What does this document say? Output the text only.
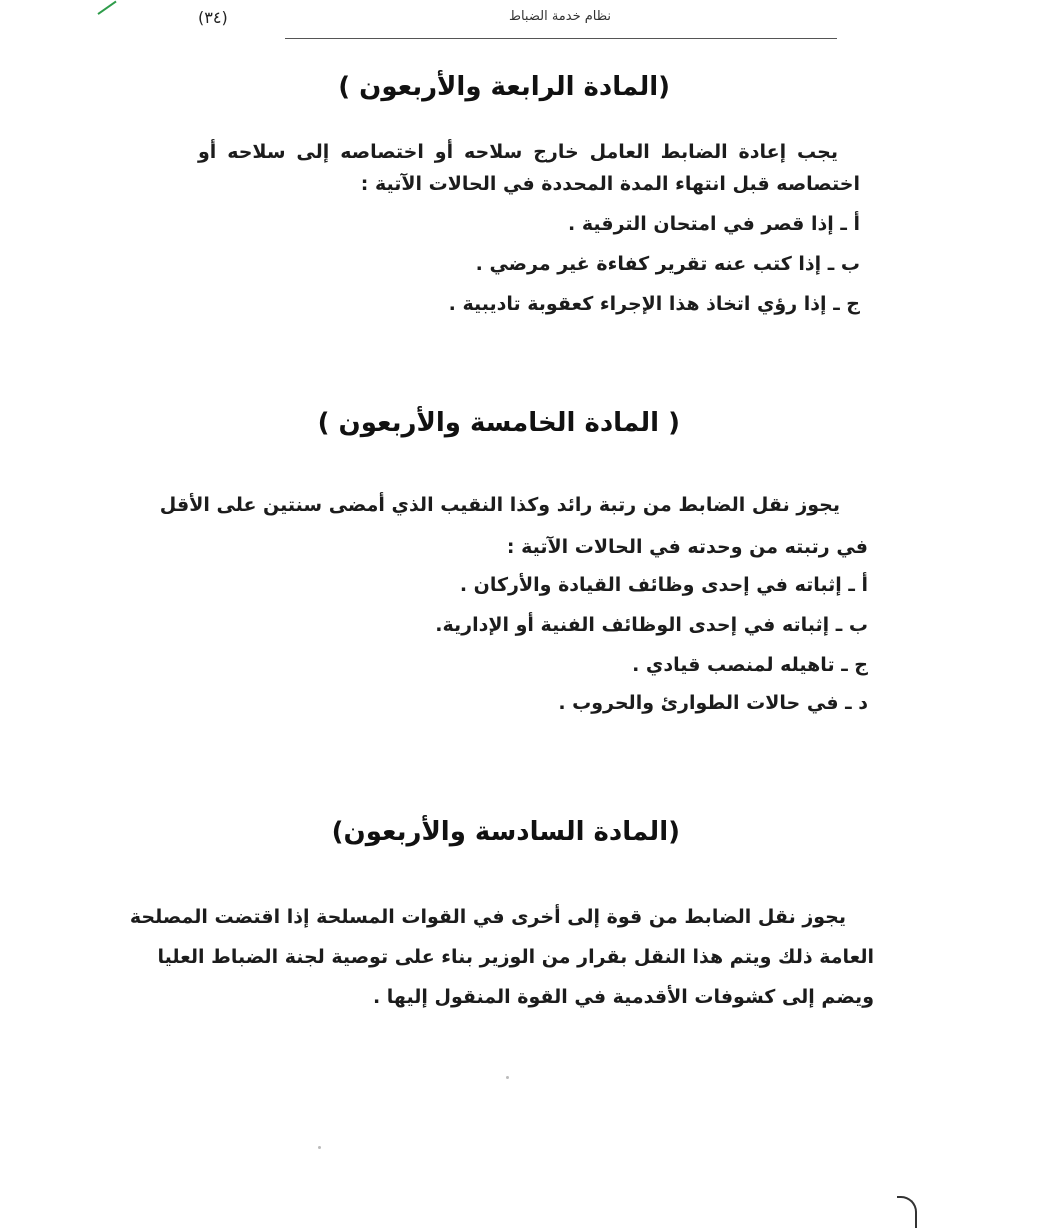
نظام خدمة الضباط
(٣٤)
(المادة الرابعة والأربعون )
يجب إعادة الضابط العامل خارج سلاحه أو اختصاصه إلى سلاحه أو
اختصاصه قبل انتهاء المدة المحددة في الحالات الآتية :
أ ـ إذا قصر في امتحان الترقية .
ب ـ إذا كتب عنه تقرير كفاءة غير مرضي .
ج ـ إذا رؤي اتخاذ هذا الإجراء كعقوبة تاديبية .
( المادة الخامسة والأربعون )
يجوز نقل الضابط من رتبة رائد وكذا النقيب الذي أمضى سنتين على الأقل
في رتبته من وحدته في الحالات الآتية :
أ ـ إثباته في إحدى وظائف القيادة والأركان .
ب ـ إثباته في إحدى الوظائف الفنية أو الإدارية.
ج ـ تاهيله لمنصب قيادي .
د ـ في حالات الطوارئ والحروب .
(المادة السادسة والأربعون)
يجوز نقل الضابط من قوة إلى أخرى في القوات المسلحة إذا اقتضت المصلحة
العامة ذلك ويتم هذا النقل بقرار من الوزير بناء على توصية لجنة الضباط العليا
ويضم إلى كشوفات الأقدمية في القوة المنقول إليها .
